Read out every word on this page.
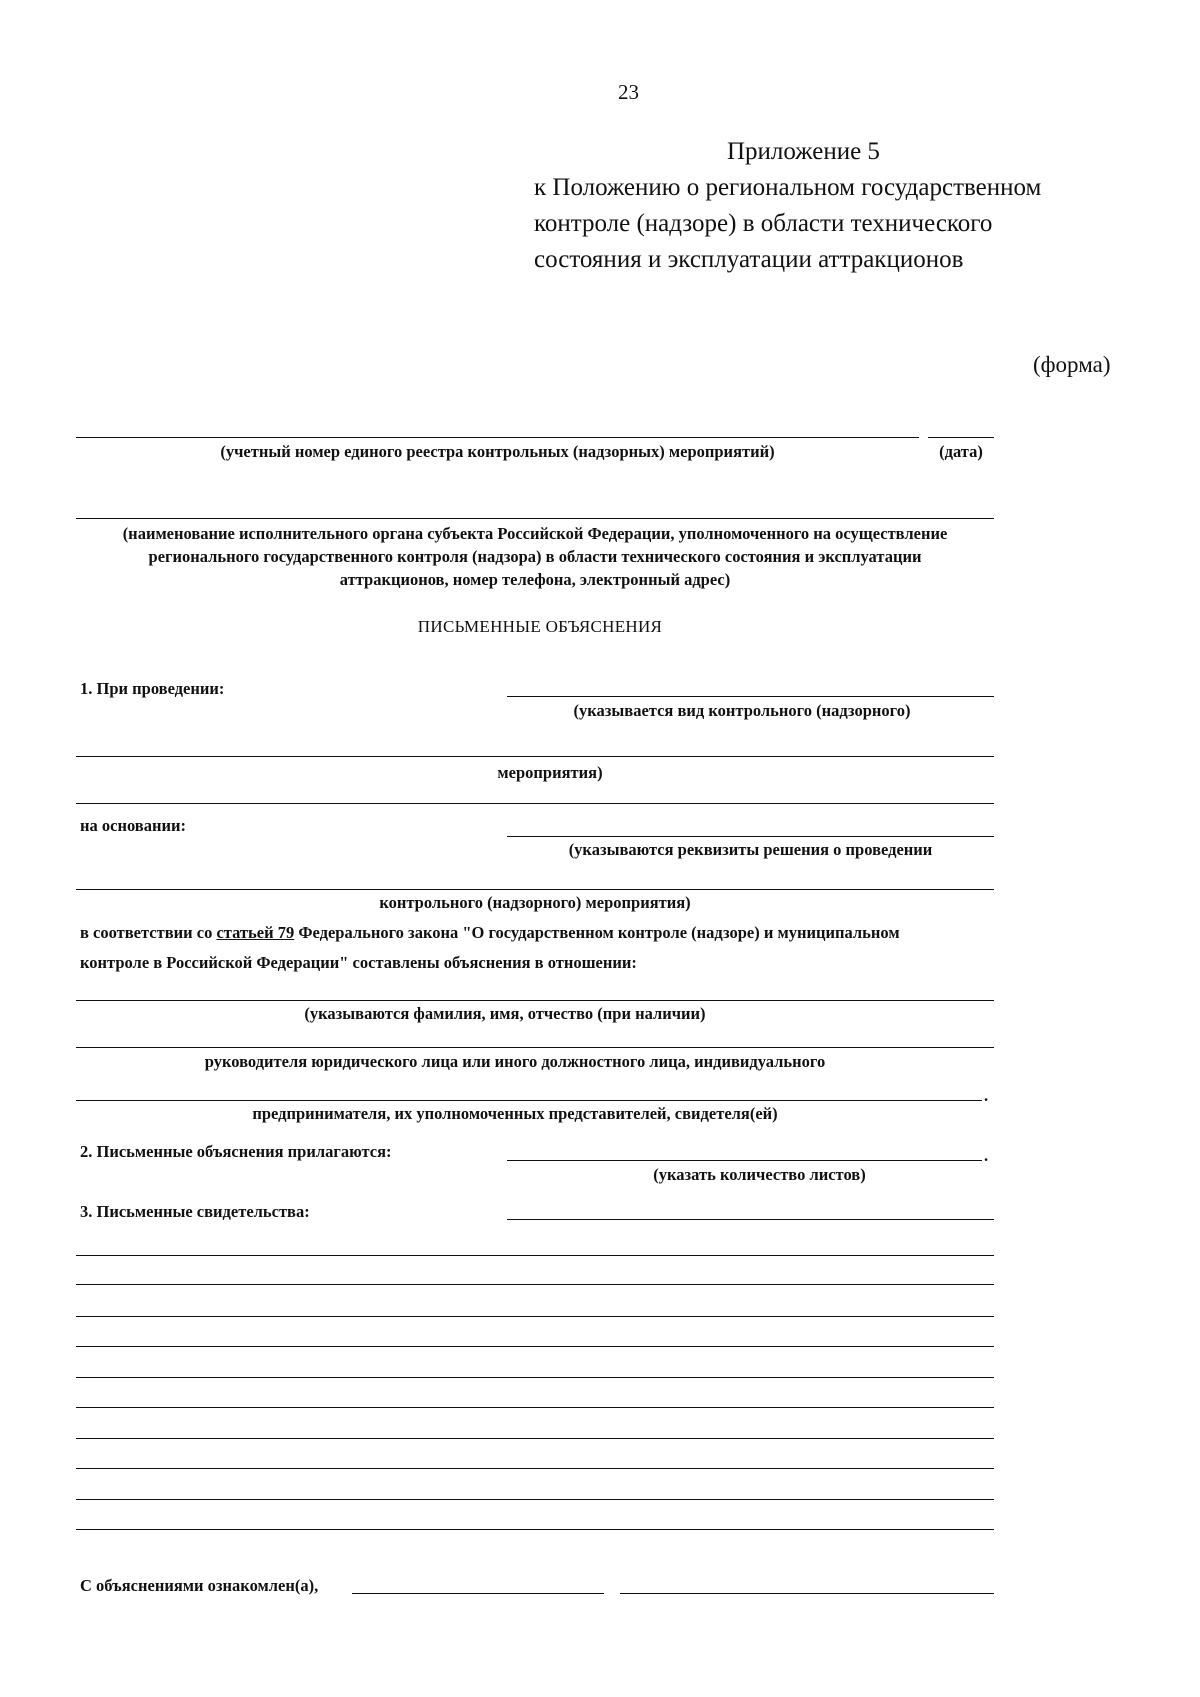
23
Приложение 5
к Положению о региональном государственном
контроле (надзоре) в области технического
состояния и эксплуатации аттракционов
(форма)
(учетный номер единого реестра контрольных (надзорных) мероприятий)	(дата)
(наименование исполнительного органа субъекта Российской Федерации, уполномоченного на осуществление
регионального государственного контроля (надзора) в области технического состояния и эксплуатации
аттракционов, номер телефона, электронный адрес)
ПИСЬМЕННЫЕ ОБЪЯСНЕНИЯ
1. При проведении:
(указывается вид контрольного (надзорного)
мероприятия)
на основании:
(указываются реквизиты решения о проведении
контрольного (надзорного) мероприятия)
в соответствии со статьей 79 Федерального закона "О государственном контроле (надзоре) и муниципальном
контроле в Российской Федерации" составлены объяснения в отношении:
(указываются фамилия, имя, отчество (при наличии)
руководителя юридического лица или иного должностного лица, индивидуального
.
предпринимателя, их уполномоченных представителей, свидетеля(ей)
2. Письменные объяснения прилагаются:	.
(указать количество листов)
3. Письменные свидетельства:
С объяснениями ознакомлен(а),
